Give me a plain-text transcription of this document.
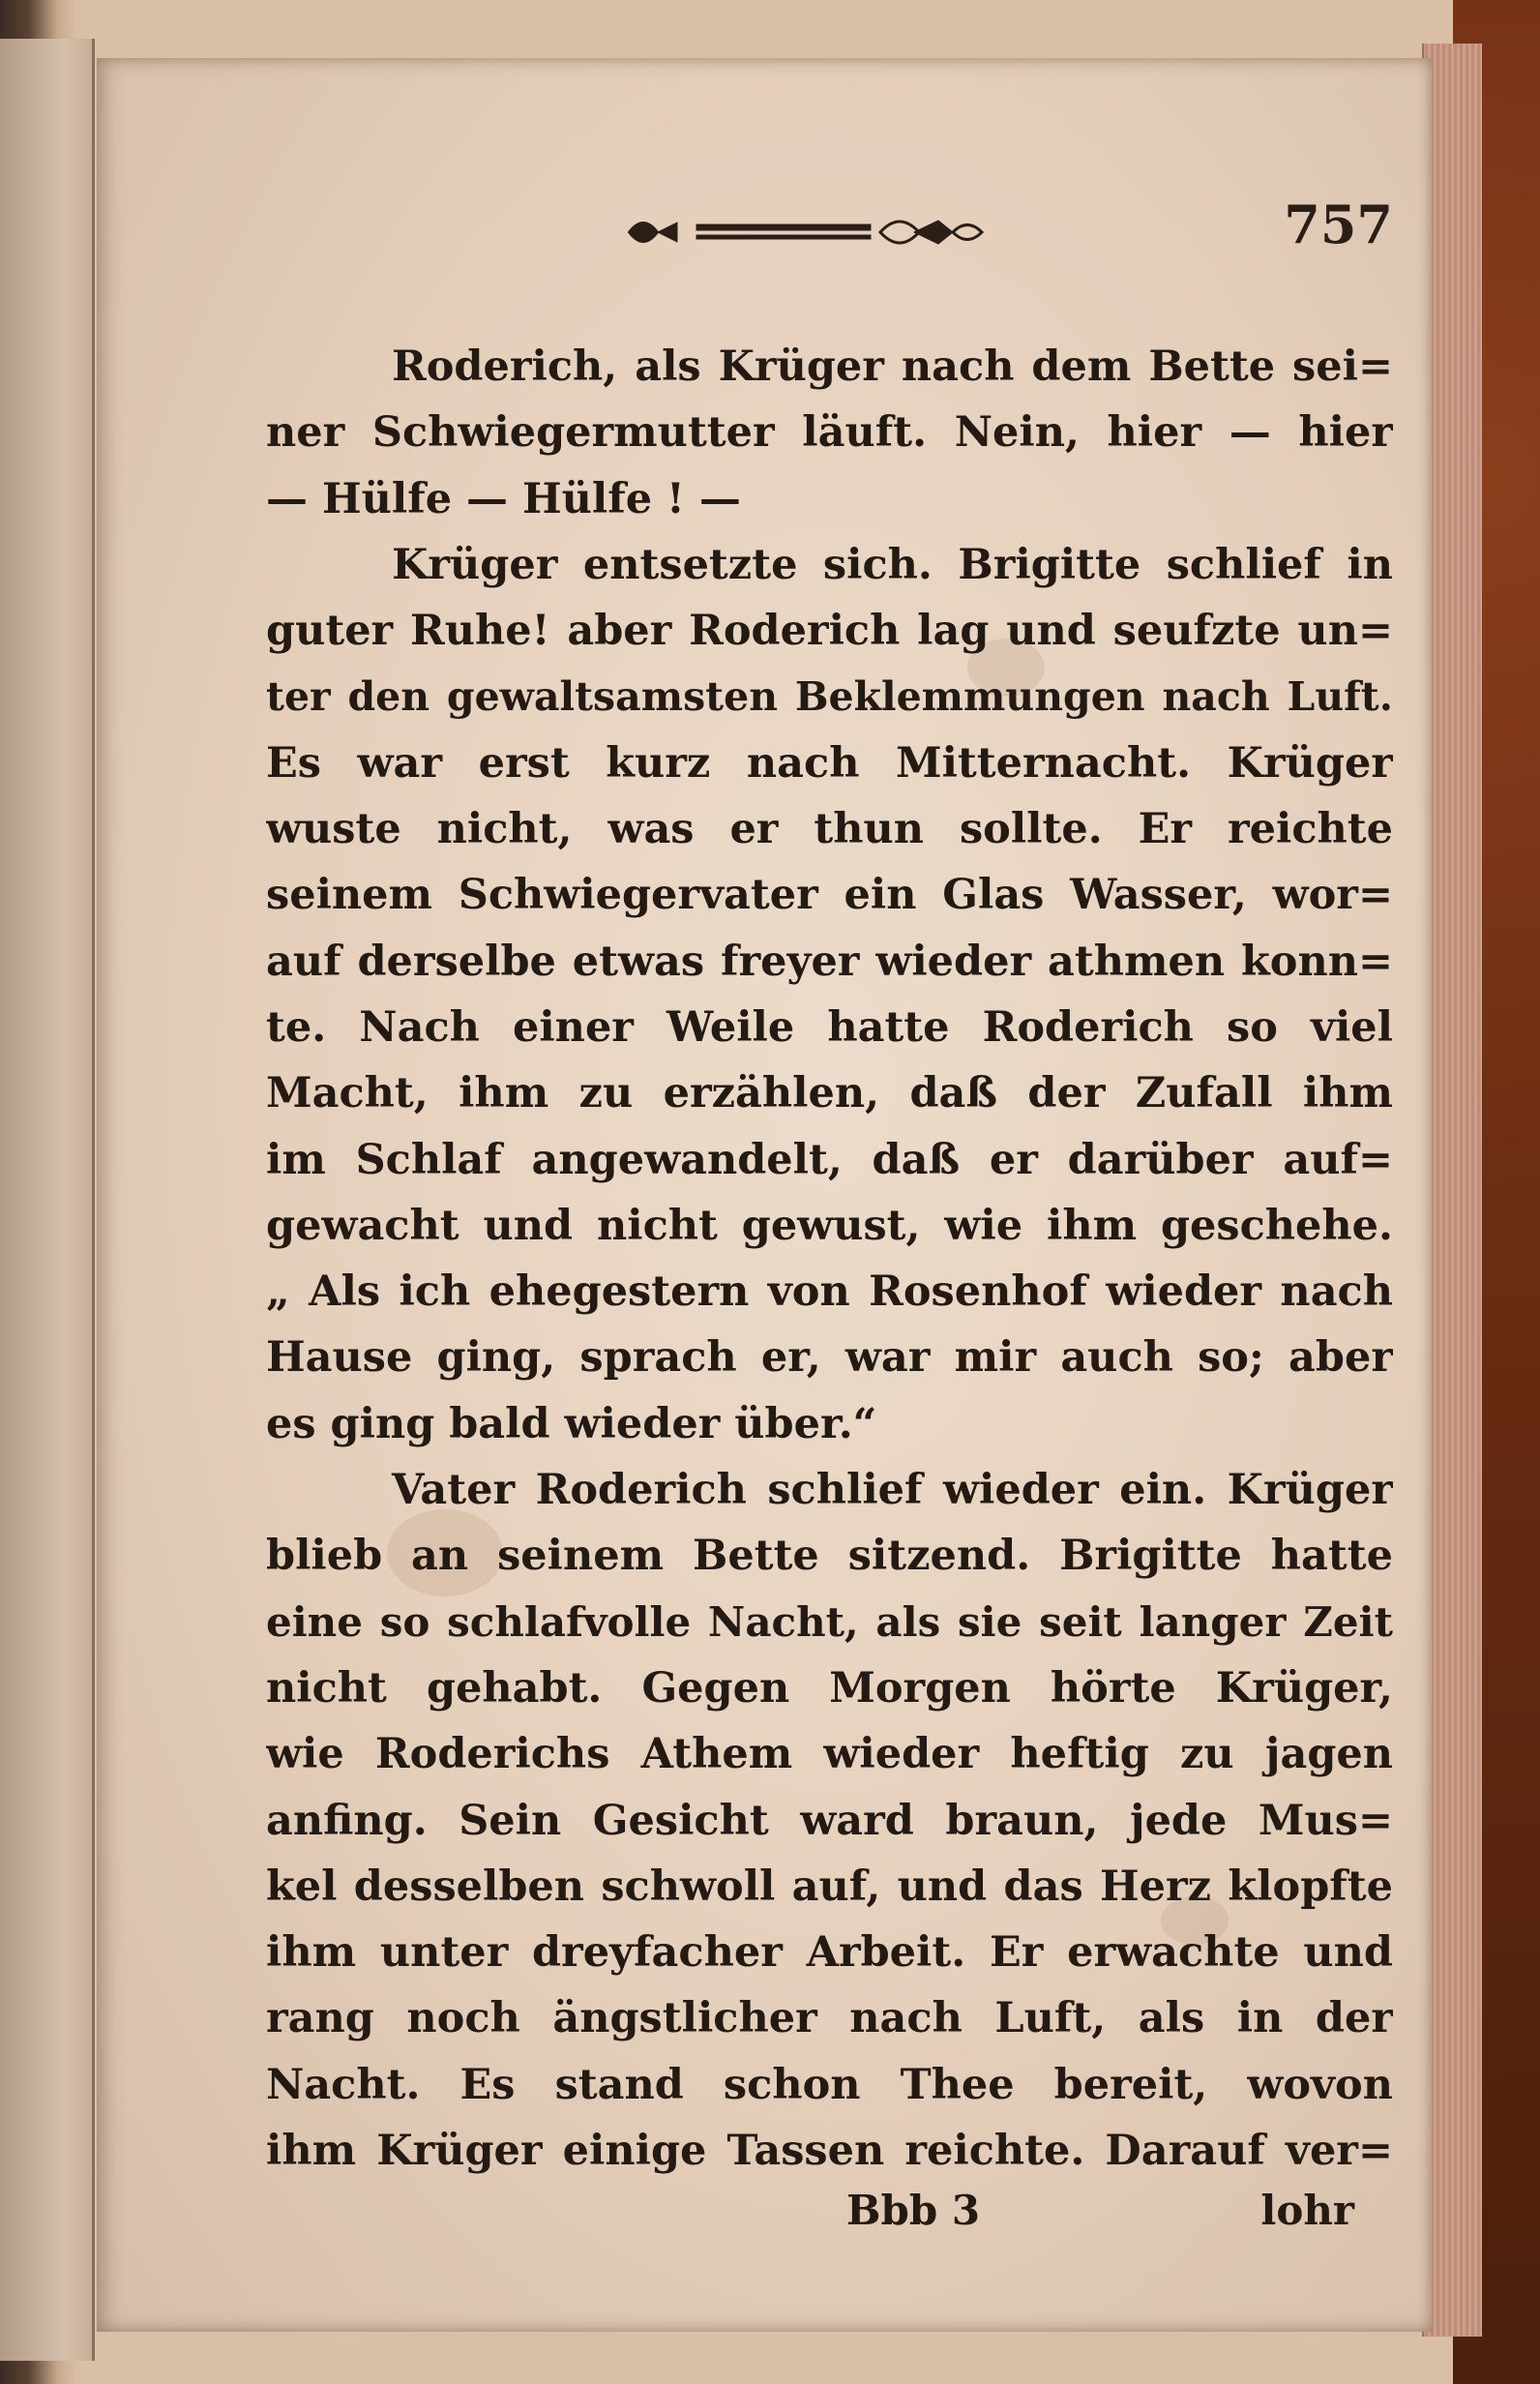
757
Roderich, als Krüger nach dem Bette sei=
ner Schwiegermutter läuft. Nein, hier — hier
— Hülfe — Hülfe ! —
Krüger entsetzte sich. Brigitte schlief in
guter Ruhe! aber Roderich lag und seufzte un=
ter den gewaltsamsten Beklemmungen nach Luft.
Es war erst kurz nach Mitternacht. Krüger
wuste nicht, was er thun sollte. Er reichte
seinem Schwiegervater ein Glas Wasser, wor=
auf derselbe etwas freyer wieder athmen konn=
te. Nach einer Weile hatte Roderich so viel
Macht, ihm zu erzählen, daß der Zufall ihm
im Schlaf angewandelt, daß er darüber auf=
gewacht und nicht gewust, wie ihm geschehe.
„ Als ich ehegestern von Rosenhof wieder nach
Hause ging, sprach er, war mir auch so; aber
es ging bald wieder über.“
Vater Roderich schlief wieder ein. Krüger
blieb an seinem Bette sitzend. Brigitte hatte
eine so schlafvolle Nacht, als sie seit langer Zeit
nicht gehabt. Gegen Morgen hörte Krüger,
wie Roderichs Athem wieder heftig zu jagen
anfing. Sein Gesicht ward braun, jede Mus=
kel desselben schwoll auf, und das Herz klopfte
ihm unter dreyfacher Arbeit. Er erwachte und
rang noch ängstlicher nach Luft, als in der
Nacht. Es stand schon Thee bereit, wovon
ihm Krüger einige Tassen reichte. Darauf ver=
Bbb 3	lohr
